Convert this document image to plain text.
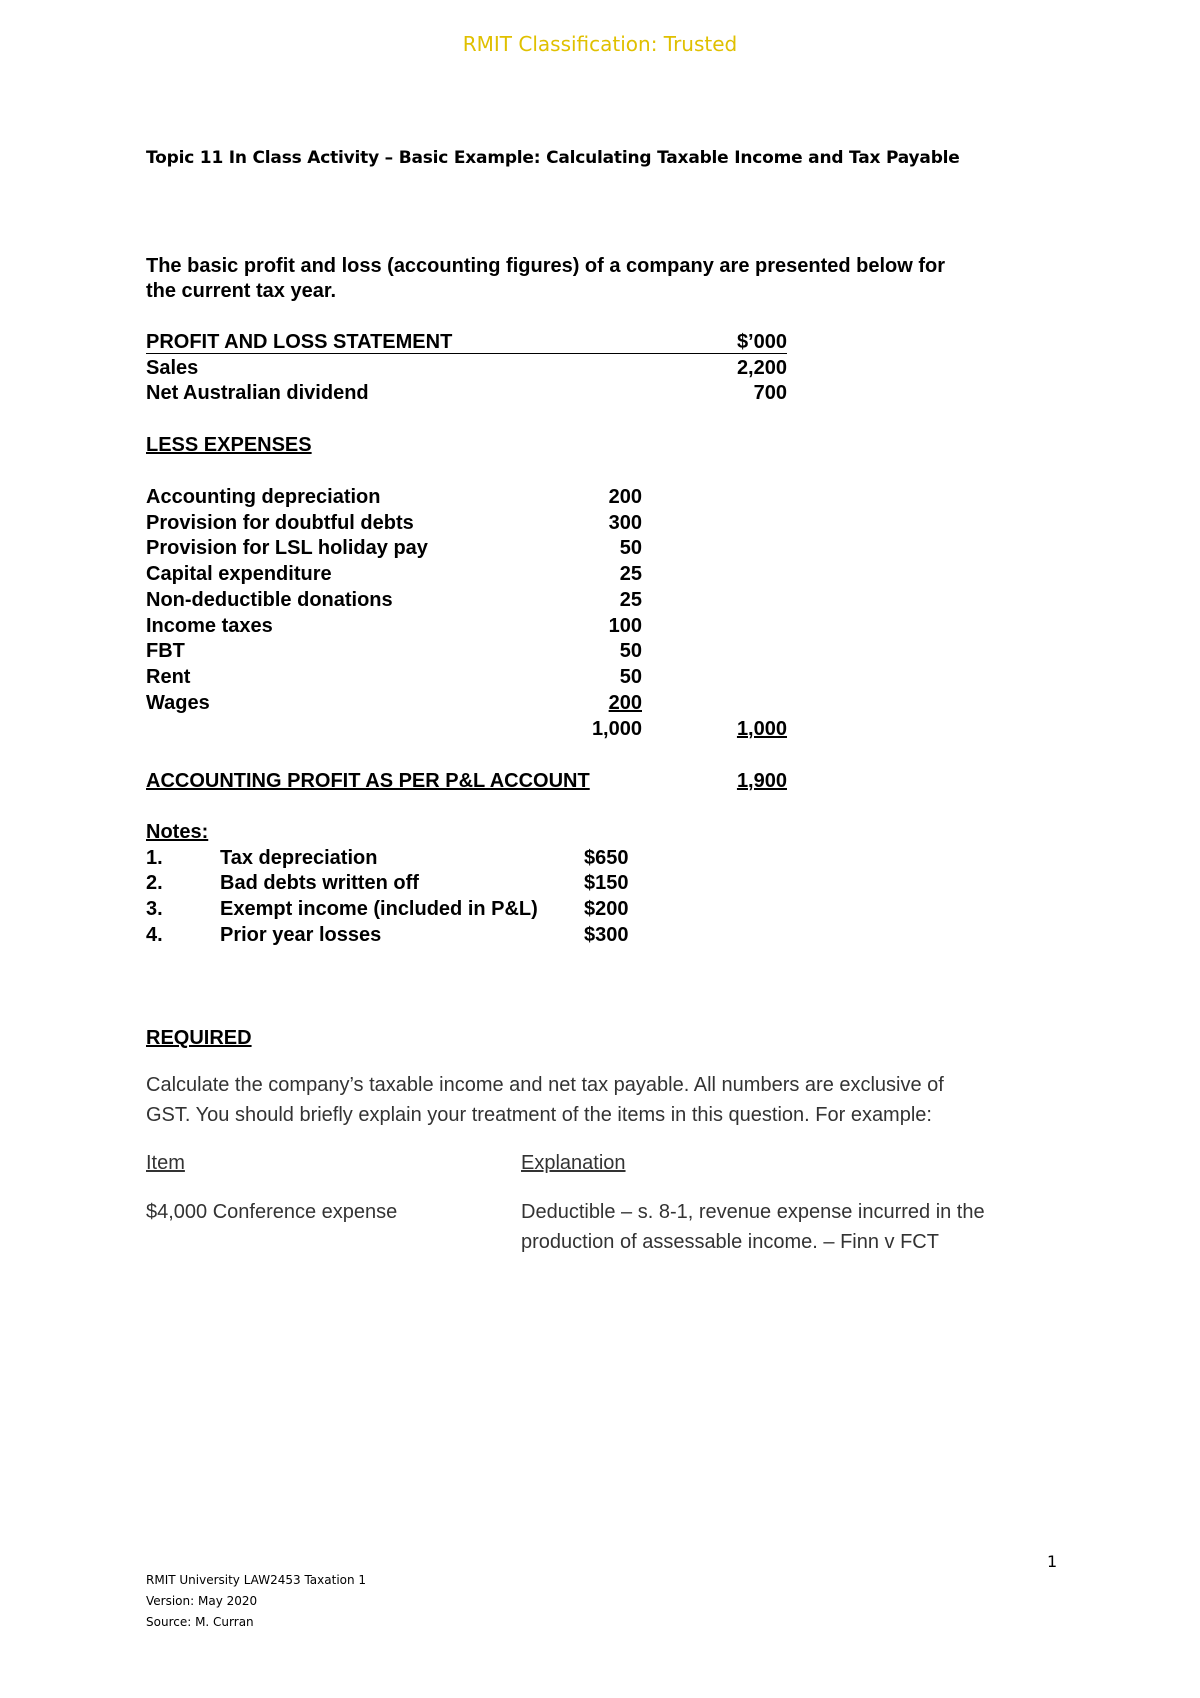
RMIT Classification: Trusted
Topic 11 In Class Activity – Basic Example: Calculating Taxable Income and Tax Payable
The basic profit and loss (accounting figures) of a company are presented below for
the current tax year.
PROFIT AND LOSS STATEMENT	$’000
Sales	2,200
Net Australian dividend	700
LESS EXPENSES
Accounting depreciation	200
Provision for doubtful debts	300
Provision for LSL holiday pay	50
Capital expenditure	25
Non-deductible donations	25
Income taxes	100
FBT	50
Rent	50
Wages	200
1,000	1,000
ACCOUNTING PROFIT AS PER P&L ACCOUNT	1,900
Notes:
1.	Tax depreciation	$650
2.	Bad debts written off	$150
3.	Exempt income (included in P&L) $200
4.	Prior year losses	$300
REQUIRED
Calculate the company’s taxable income and net tax payable. All numbers are exclusive of
GST. You should briefly explain your treatment of the items in this question. For example:
Item	Explanation
$4,000 Conference expense	Deductible – s. 8-1, revenue expense incurred in the
production of assessable income. – Finn v FCT
1
RMIT University LAW2453 Taxation 1
Version: May 2020
Source: M. Curran
